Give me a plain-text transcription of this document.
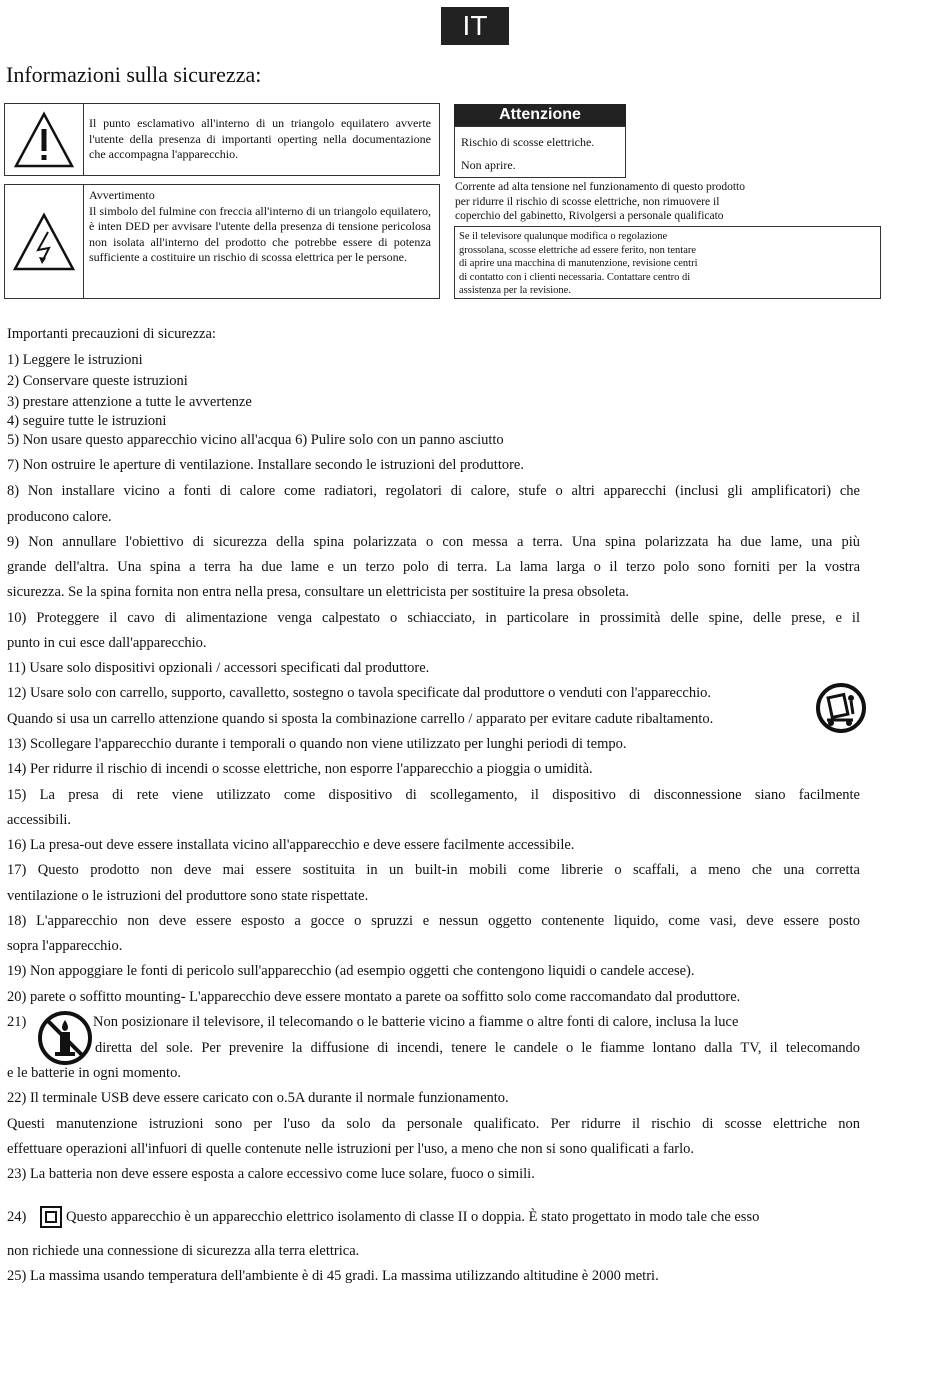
IT
Informazioni sulla sicurezza:
Il punto esclamativo all'interno di un triangolo equilatero avverte l'utente della presenza di importanti operting nella documentazione che accompagna l'apparecchio.
Avvertimento
Il simbolo del fulmine con freccia all'interno di un triangolo equilatero, è inten DED per avvisare l'utente della presenza di tensione pericolosa non isolata all'interno del prodotto che potrebbe essere di potenza sufficiente a costituire un rischio di scossa elettrica per le persone.
Attenzione
Rischio di scosse elettriche.
Non aprire.
Corrente ad alta tensione nel funzionamento di questo prodotto
per ridurre il rischio di scosse elettriche, non rimuovere il
coperchio del gabinetto, Rivolgersi a personale qualificato
Se il televisore qualunque modifica o regolazione
grossolana, scosse elettriche ad essere ferito, non tentare
di aprire una macchina di manutenzione, revisione centri
di contatto con i clienti necessaria. Contattare centro di
assistenza per la revisione.
Importanti precauzioni di sicurezza:
1) Leggere le istruzioni
2) Conservare queste istruzioni
3) prestare attenzione a tutte le avvertenze
4) seguire tutte le istruzioni
5) Non usare questo apparecchio vicino all'acqua 6) Pulire solo con un panno asciutto
7) Non ostruire le aperture di ventilazione. Installare secondo le istruzioni del produttore.
8) Non installare vicino a fonti di calore come radiatori, regolatori di calore, stufe o altri apparecchi (inclusi gli amplificatori) che
producono calore.
9) Non annullare l'obiettivo di sicurezza della spina polarizzata o con messa a terra. Una spina polarizzata ha due lame, una più
grande dell'altra. Una spina a terra ha due lame e un terzo polo di terra. La lama larga o il terzo polo sono forniti per la vostra
sicurezza. Se la spina fornita non entra nella presa, consultare un elettricista per sostituire la presa obsoleta.
10) Proteggere il cavo di alimentazione venga calpestato o schiacciato, in particolare in prossimità delle spine, delle prese, e il
punto in cui esce dall'apparecchio.
11) Usare solo dispositivi opzionali / accessori specificati dal produttore.
12) Usare solo con carrello, supporto, cavalletto, sostegno o tavola specificate dal produttore o venduti con l'apparecchio.
Quando si usa un carrello attenzione quando si sposta la combinazione carrello / apparato per evitare cadute ribaltamento.
13) Scollegare l'apparecchio durante i temporali o quando non viene utilizzato per lunghi periodi di tempo.
14) Per ridurre il rischio di incendi o scosse elettriche, non esporre l'apparecchio a pioggia o umidità.
15) La presa di rete viene utilizzato come dispositivo di scollegamento, il dispositivo di disconnessione siano facilmente
accessibili.
16) La presa-out deve essere installata vicino all'apparecchio e deve essere facilmente accessibile.
17) Questo prodotto non deve mai essere sostituita in un built-in mobili come librerie o scaffali, a meno che una corretta
ventilazione o le istruzioni del produttore sono state rispettate.
18) L'apparecchio non deve essere esposto a gocce o spruzzi e nessun oggetto contenente liquido, come vasi, deve essere posto
sopra l'apparecchio.
19) Non appoggiare le fonti di pericolo sull'apparecchio (ad esempio oggetti che contengono liquidi o candele accese).
20) parete o soffitto mounting- L'apparecchio deve essere montato a parete oa soffitto solo come raccomandato dal produttore.
21)	Non posizionare il televisore, il telecomando o le batterie vicino a fiamme o altre fonti di calore, inclusa la luce
diretta del sole. Per prevenire la diffusione di incendi, tenere le candele o le fiamme lontano dalla TV, il telecomando
e le batterie in ogni momento.
22) Il terminale USB deve essere caricato con o.5A durante il normale funzionamento.
Questi manutenzione istruzioni sono per l'uso da solo da personale qualificato. Per ridurre il rischio di scosse elettriche non
effettuare operazioni all'infuori di quelle contenute nelle istruzioni per l'uso, a meno che non si sono qualificati a farlo.
23) La batteria non deve essere esposta a calore eccessivo come luce solare, fuoco o simili.
24)	Questo apparecchio è un apparecchio elettrico isolamento di classe II o doppia. È stato progettato in modo tale che esso
non richiede una connessione di sicurezza alla terra elettrica.
25) La massima usando temperatura dell'ambiente è di 45 gradi. La massima utilizzando altitudine è 2000 metri.
